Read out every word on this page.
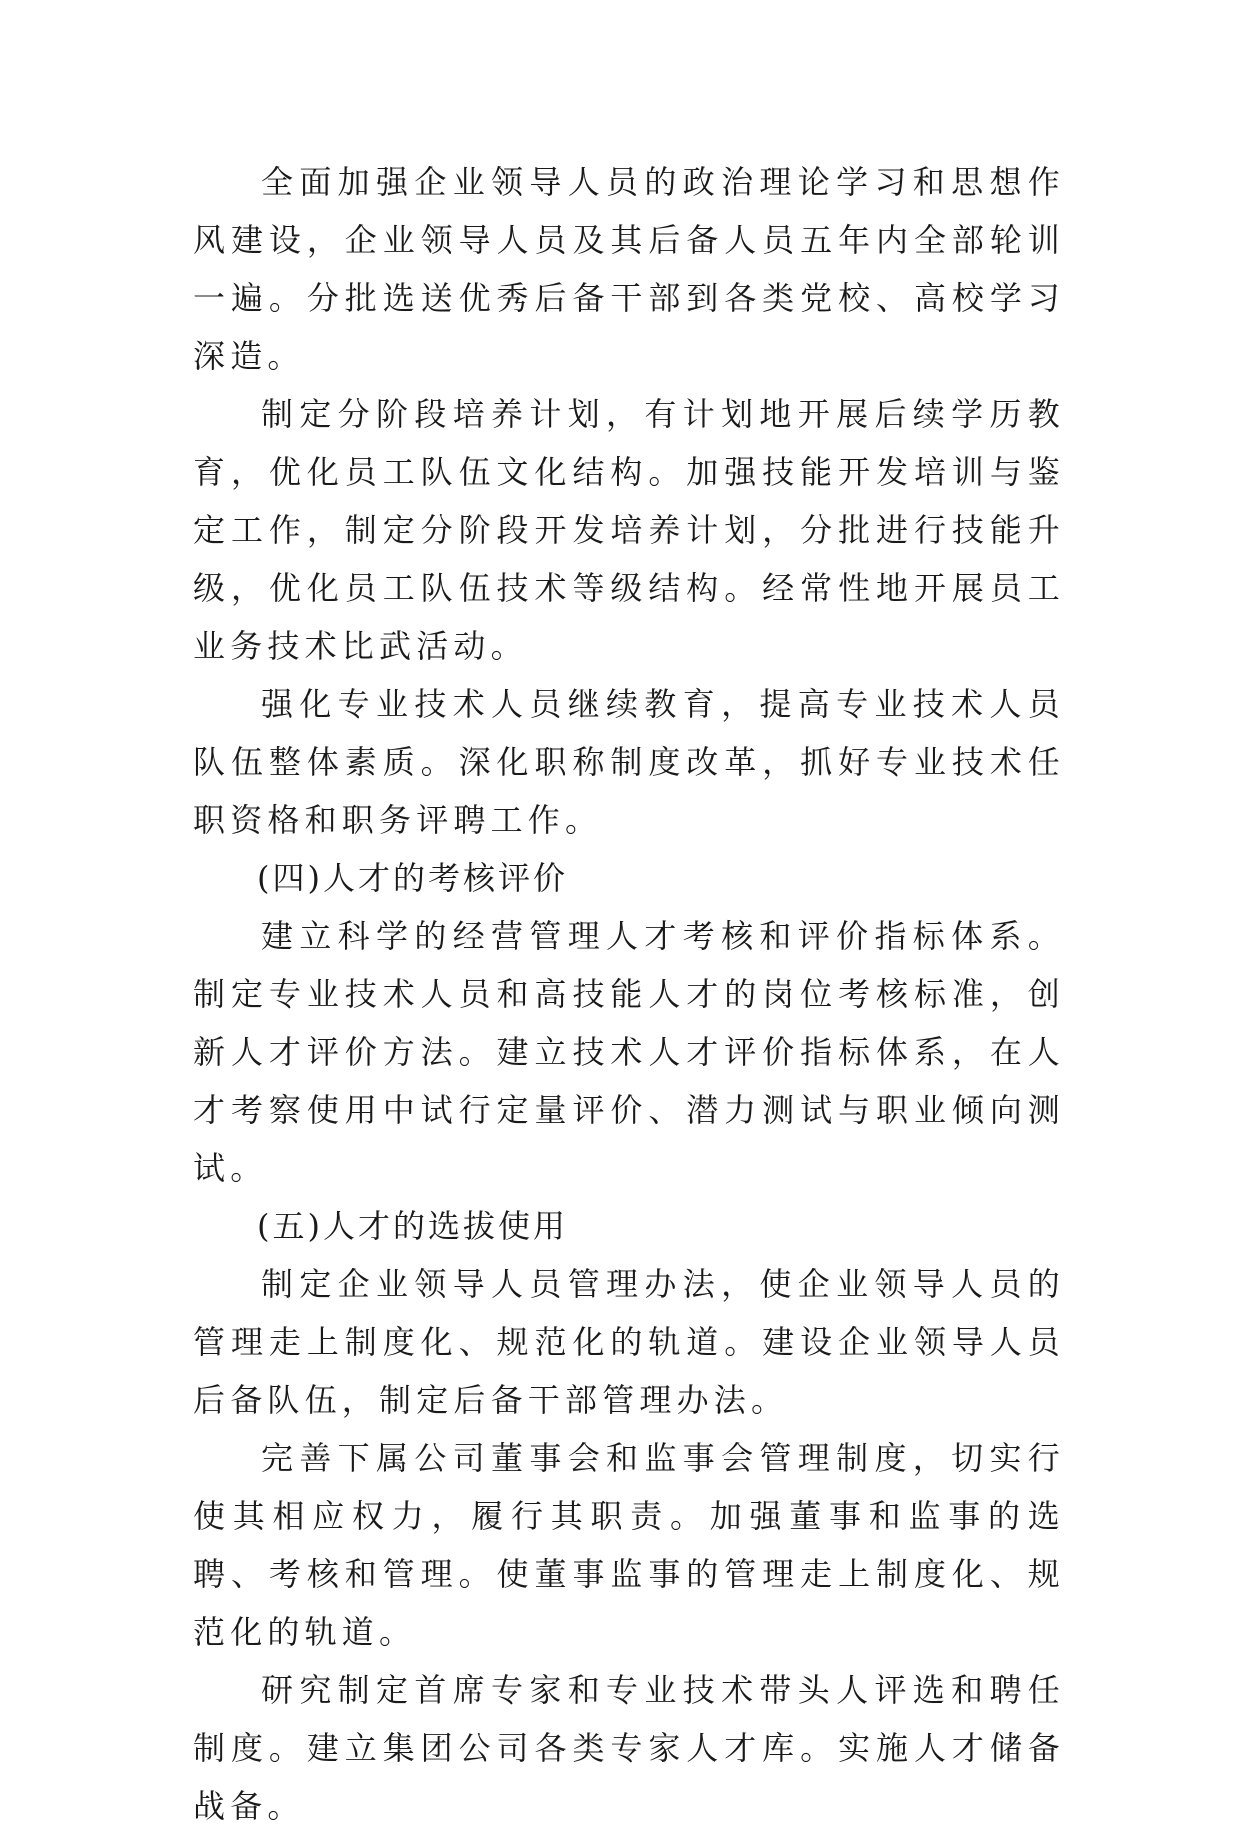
全面加强企业领导人员的政治理论学习和思想作风建设，企业领导人员及其后备人员五年内全部轮训一遍。分批选送优秀后备干部到各类党校、高校学习深造。

制定分阶段培养计划，有计划地开展后续学历教育，优化员工队伍文化结构。加强技能开发培训与鉴定工作，制定分阶段开发培养计划，分批进行技能升级，优化员工队伍技术等级结构。经常性地开展员工业务技术比武活动。

强化专业技术人员继续教育，提高专业技术人员队伍整体素质。深化职称制度改革，抓好专业技术任职资格和职务评聘工作。

(四)人才的考核评价

建立科学的经营管理人才考核和评价指标体系。制定专业技术人员和高技能人才的岗位考核标准，创新人才评价方法。建立技术人才评价指标体系，在人才考察使用中试行定量评价、潜力测试与职业倾向测试。

(五)人才的选拔使用

制定企业领导人员管理办法，使企业领导人员的管理走上制度化、规范化的轨道。建设企业领导人员后备队伍，制定后备干部管理办法。

完善下属公司董事会和监事会管理制度，切实行使其相应权力，履行其职责。加强董事和监事的选聘、考核和管理。使董事监事的管理走上制度化、规范化的轨道。

研究制定首席专家和专业技术带头人评选和聘任制度。建立集团公司各类专家人才库。实施人才储备战备。
